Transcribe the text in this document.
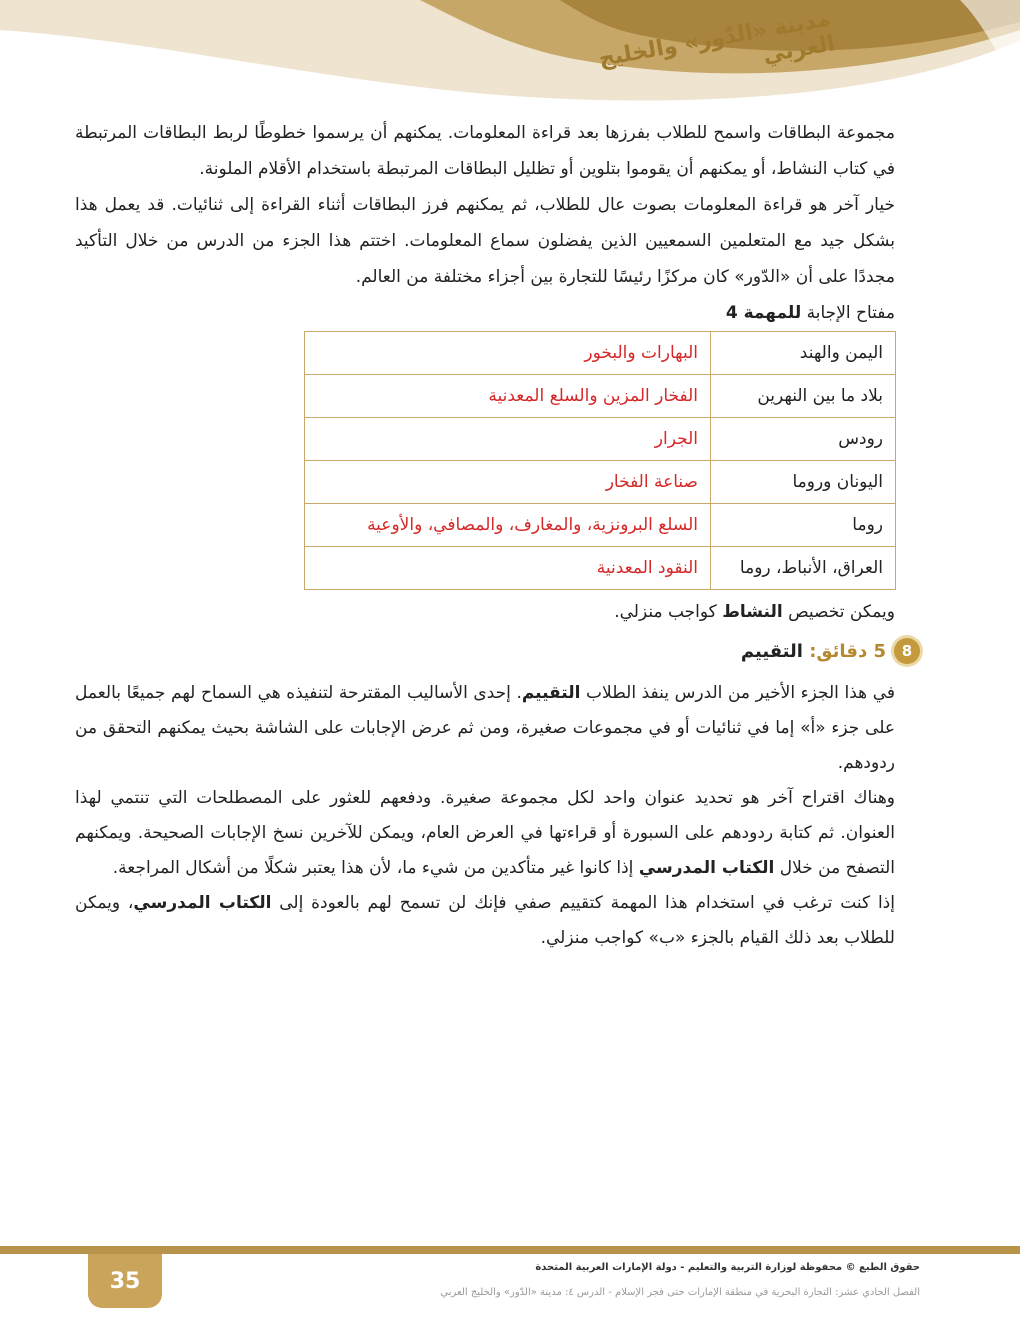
مدينة «الدّور» والخليج العربي

مجموعة البطاقات واسمح للطلاب بفرزها بعد قراءة المعلومات. يمكنهم أن يرسموا خطوطًا لربط البطاقات المرتبطة في كتاب النشاط، أو يمكنهم أن يقوموا بتلوين أو تظليل البطاقات المرتبطة باستخدام الأقلام الملونة.

خيار آخر هو قراءة المعلومات بصوت عال للطلاب، ثم يمكنهم فرز البطاقات أثناء القراءة إلى ثنائيات. قد يعمل هذا بشكل جيد مع المتعلمين السمعيين الذين يفضلون سماع المعلومات. اختتم هذا الجزء من الدرس من خلال التأكيد مجددًا على أن «الدّور» كان مركزًا رئيسًا للتجارة بين أجزاء مختلفة من العالم.

مفتاح الإجابة للمهمة 4

اليمن والهند	البهارات والبخور
بلاد ما بين النهرين	الفخار المزين والسلع المعدنية
رودس	الجرار
اليونان وروما	صناعة الفخار
روما	السلع البرونزية، والمغارف، والمصافي، والأوعية
العراق، الأنباط، روما	النقود المعدنية
ويمكن تخصيص النشاط كواجب منزلي.
8
5 دقائق: التقييم

في هذا الجزء الأخير من الدرس ينفذ الطلاب التقييم. إحدى الأساليب المقترحة لتنفيذه هي السماح لهم جميعًا بالعمل على جزء «أ» إما في ثنائيات أو في مجموعات صغيرة، ومن ثم عرض الإجابات على الشاشة بحيث يمكنهم التحقق من ردودهم.

وهناك اقتراح آخر هو تحديد عنوان واحد لكل مجموعة صغيرة. ودفعهم للعثور على المصطلحات التي تنتمي لهذا العنوان. ثم كتابة ردودهم على السبورة أو قراءتها في العرض العام، ويمكن للآخرين نسخ الإجابات الصحيحة. ويمكنهم التصفح من خلال الكتاب المدرسي إذا كانوا غير متأكدين من شيء ما، لأن هذا يعتبر شكلًا من أشكال المراجعة.

إذا كنت ترغب في استخدام هذا المهمة كتقييم صفي فإنك لن تسمح لهم بالعودة إلى الكتاب المدرسي، ويمكن للطلاب بعد ذلك القيام بالجزء «ب» كواجب منزلي.

35
حقوق الطبع © محفوظة لوزارة التربية والتعليم - دولة الإمارات العربية المتحدة
الفصل الحادي عشر: التجارة البحرية في منطقة الإمارات حتى فجر الإسلام - الدرس ٤: مدينة «الدّور» والخليج العربي
